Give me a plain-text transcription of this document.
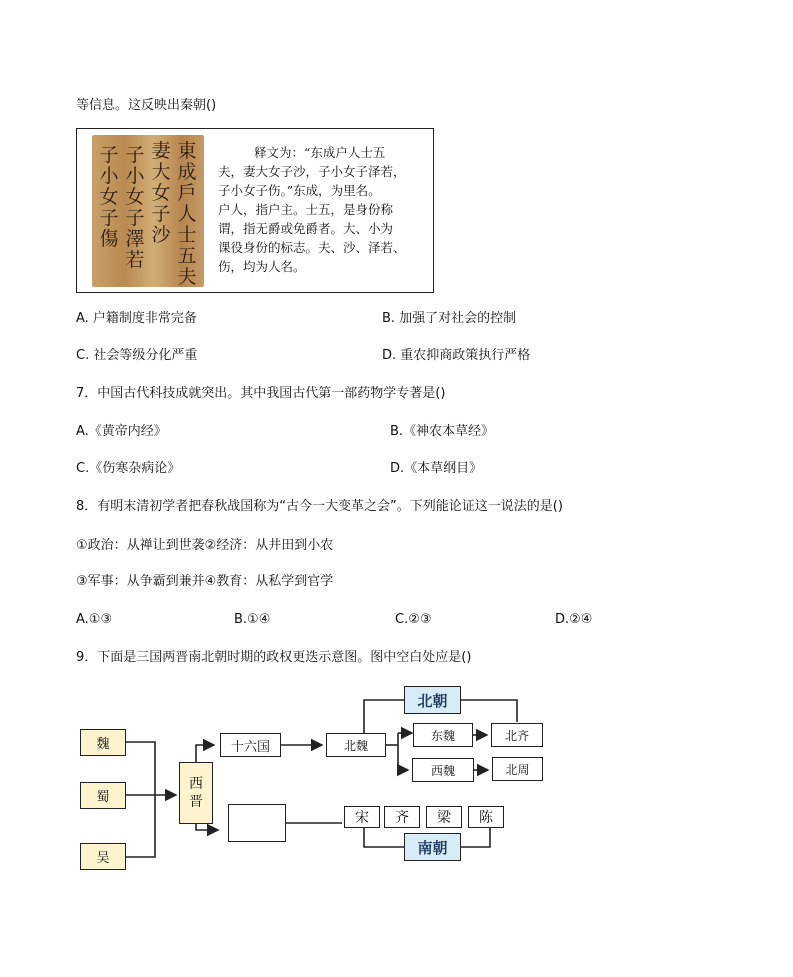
等信息。这反映出秦朝()
東成戶人士五夫
妻大女子沙
子小女子澤若
子小女子傷

释文为：“东成户人士五

夫，妻大女子沙，子小女子泽若，

子小女子伤。”东成，为里名。

户人，指户主。士五，是身份称

谓，指无爵或免爵者。大、小为

课役身份的标志。夫、沙、泽若、

伤，均为人名。

A. 户籍制度非常完备	B. 加强了对社会的控制
C. 社会等级分化严重	D. 重农抑商政策执行严格
7．中国古代科技成就突出。其中我国古代第一部药物学专著是()
A.《黄帝内经》	B.《神农本草经》
C.《伤寒杂病论》	D.《本草纲目》
8．有明末清初学者把春秋战国称为“古今一大变革之会”。下列能论证这一说法的是()
①政治：从禅让到世袭②经济：从井田到小农
③军事：从争霸到兼并④教育：从私学到官学
A.①③	B.①④	C.②③	D.②④
9．下面是三国两晋南北朝时期的政权更迭示意图。图中空白处应是()
魏
蜀
吴
西
晋
十六国	北魏
东魏
西魏
北齐
北周
北朝
宋	齐	梁	陈
南朝
